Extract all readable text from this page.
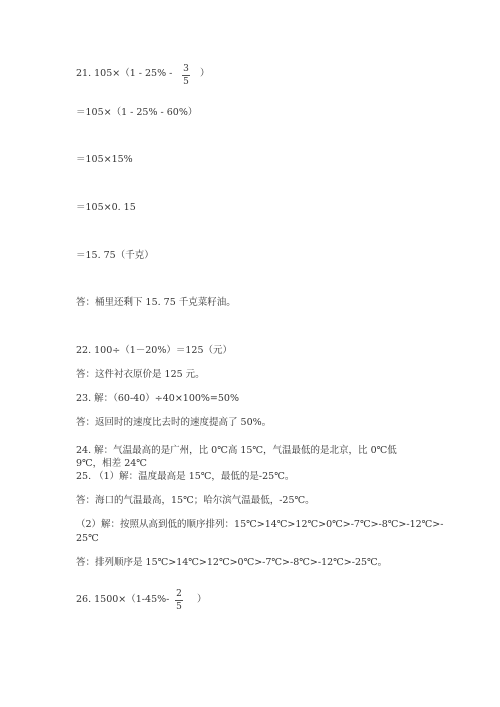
21. 105×（1 - 25% -	3
5
）
＝105×（1 - 25% - 60%）
＝105×15%
＝105×0. 15
＝15. 75（千克）
答：桶里还剩下 15. 75 千克菜籽油。
22. 100÷（1－20%）＝125（元）
答：这件衬衣原价是 125 元。
23. 解：（60-40）÷40×100%=50%
答：返回时的速度比去时的速度提高了 50%。
24. 解：气温最高的是广州，比 0℃高 15℃，气温最低的是北京，比 0℃低
9℃，相差 24℃
25. （1）解：温度最高是 15℃，最低的是-25℃。
答：海口的气温最高，15℃；哈尔滨气温最低，-25℃。
（2）解：按照从高到低的顺序排列：15℃>14℃>12℃>0℃>-7℃>-8℃>-12℃>-
25℃
答：排列顺序是 15℃>14℃>12℃>0℃>-7℃>-8℃>-12℃>-25℃。
26. 1500×（1-45%- 2
5
）
